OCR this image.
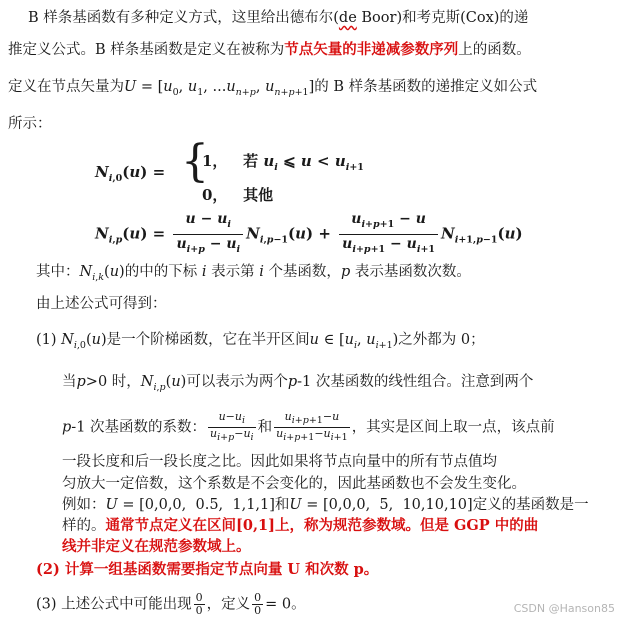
B 样条基函数有多种定义方式，这里给出德布尔(de Boor)和考克斯(Cox)的递
推定义公式。B 样条基函数是定义在被称为节点矢量的非递减参数序列上的函数。
定义在节点矢量为$U = [u_0$, $u_1$, $...u_{n+p}$, $u_{n+p+1}$]的 B 样条基函数的递推定义如公式
所示：
$N_{i,0}(u)$ = {
1， 若 $u_i$ ⩽ $u < u_{i+1}$
0， 其他
$N_{i,p}(u) = \frac{u - u_i}{u_{i+p} - u_i} N_{i,p-1}(u) + \frac{u_{i+p+1} - u}{u_{i+p+1} - u_{i+1}} N_{i+1,p-1}(u)$
其中：$N_{i,k}(u)$的中的下标 i 表示第 i 个基函数，p 表示基函数次数。
由上述公式可得到：
(1) $N_{i,0}(u)$是一个阶梯函数，它在半开区间u ∈ [$u_i$, $u_{i+1}$)之外都为 0；
当p>0 时，$N_{i,p}(u)$可以表示为两个p-1 次基函数的线性组合。注意到两个
p-1 次基函数的系数： $\frac{u-u_i}{u_{i+p}-u_i}$ 和 $\frac{u_{i+p+1}-u}{u_{i+p+1}-u_{i+1}}$ ，其实是区间上取一点，该点前
一段长度和后一段长度之比。因此如果将节点向量中的所有节点值均
匀放大一定倍数，这个系数是不会变化的，因此基函数也不会发生变化。
例如：U = [0,0,0,  0.5,  1,1,1]和U = [0,0,0,  5,  10,10,10]定义的基函数是一
样的。通常节点定义在区间[0,1]上，称为规范参数域。但是 GGP 中的曲
线并非定义在规范参数域上。
(2) 计算一组基函数需要指定节点向量 U 和次数 p。
(3) 上述公式中可能出现 $\frac{0}{0}$ ，定义 $\frac{0}{0} = 0$。	CSDN @Hanson85
